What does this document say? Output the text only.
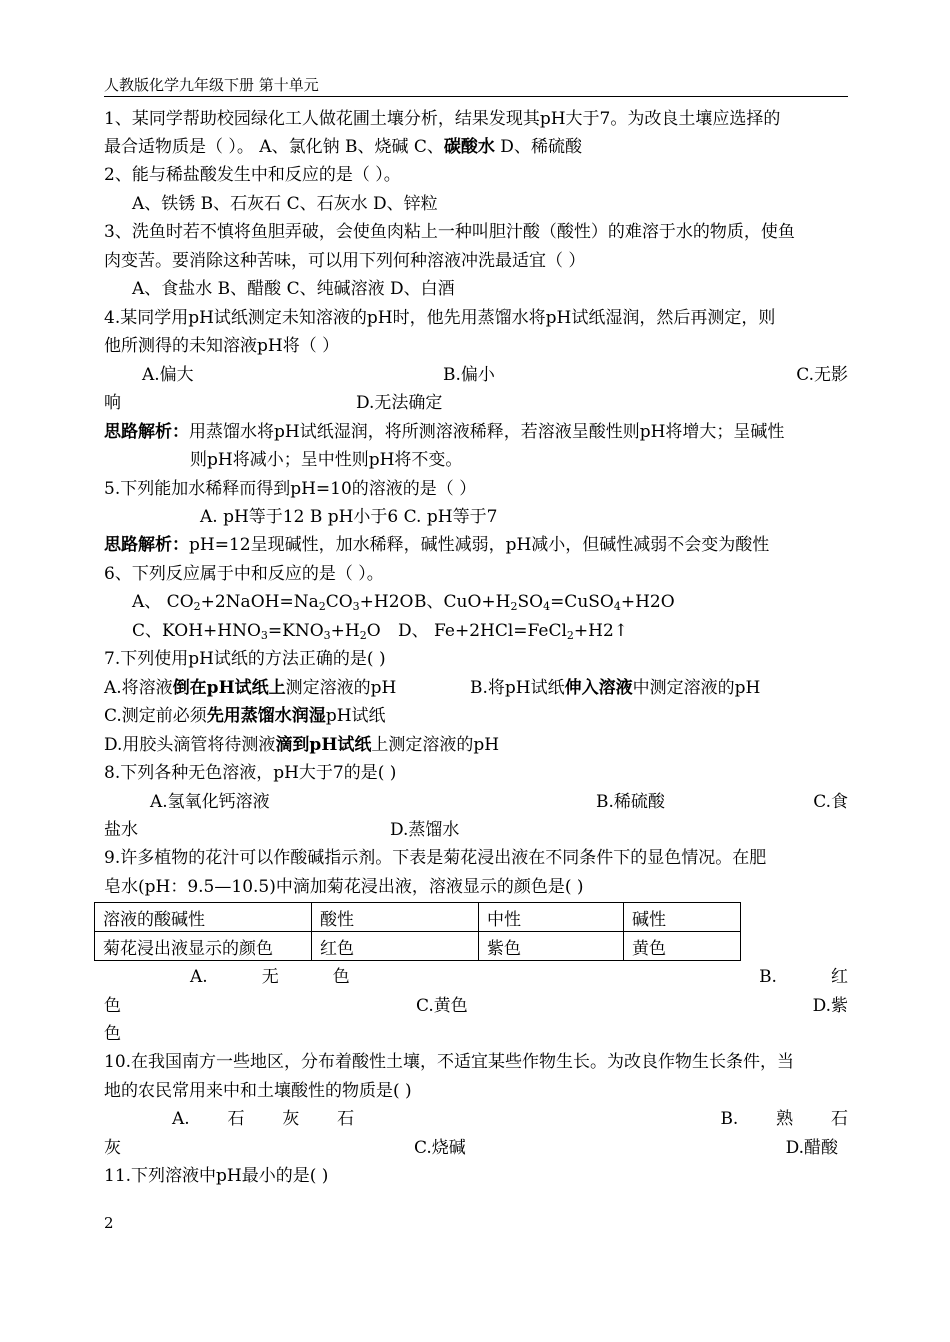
人教版化学九年级下册 第十单元
1、某同学帮助校园绿化工人做花圃土壤分析，结果发现其pH大于7。为改良土壤应选择的
最合适物质是（ ）。 A、氯化钠 B、烧碱 C、碳酸水 D、稀硫酸
2、能与稀盐酸发生中和反应的是（ ）。
A、铁锈 B、石灰石 C、石灰水 D、锌粒
3、洗鱼时若不慎将鱼胆弄破，会使鱼肉粘上一种叫胆汁酸（酸性）的难溶于水的物质，使鱼
肉变苦。要消除这种苦味，可以用下列何种溶液冲洗最适宜（ ）
A、食盐水 B、醋酸 C、纯碱溶液 D、白酒
4.某同学用pH试纸测定未知溶液的pH时，他先用蒸馏水将pH试纸湿润，然后再测定，则
他所测得的未知溶液pH将（ ）
A.偏大	B.偏小	C.无影
响	D.无法确定
思路解析：用蒸馏水将pH试纸湿润，将所测溶液稀释，若溶液呈酸性则pH将增大；呈碱性
则pH将减小；呈中性则pH将不变。
5.下列能加水稀释而得到pH=10的溶液的是（ ）
A. pH等于12 B pH小于6 C. pH等于7
思路解析：pH=12呈现碱性，加水稀释，碱性减弱，pH减小，但碱性减弱不会变为酸性
6、下列反应属于中和反应的是（ ）。
A、 $CO_2+2NaOH=Na_2CO_3+H2O$ B、$CuO+H_2SO_4=CuSO_4+H2O$
C、$KOH+HNO_3=KNO_3+H_2O$ D、 Fe+2HCl=FeCl$_2$+H2↑
7.下列使用pH试纸的方法正确的是( )
A.将溶液倒在pH试纸上测定溶液的pH	B.将pH试纸伸入溶液中测定溶液的pH
C.测定前必须先用蒸馏水润湿pH试纸
D.用胶头滴管将待测液滴到pH试纸上测定溶液的pH
8.下列各种无色溶液，pH大于7的是( )
A.氢氧化钙溶液	B.稀硫酸	C.食
盐水	D.蒸馏水
9.许多植物的花汁可以作酸碱指示剂。下表是菊花浸出液在不同条件下的显色情况。在肥
皂水(pH：9.5—10.5)中滴加菊花浸出液，溶液显示的颜色是( )
溶液的酸碱性	酸性	中性	碱性
菊花浸出液显示的颜色	红色	紫色	黄色
A.          无          色	B.          红
色	C.黄色	D.紫
色
10.在我国南方一些地区，分布着酸性土壤，不适宜某些作物生长。为改良作物生长条件，当
地的农民常用来中和土壤酸性的物质是( )
A.       石       灰       石	B.       熟       石
灰	C.烧碱	D.醋酸
11.下列溶液中pH最小的是( )
2
